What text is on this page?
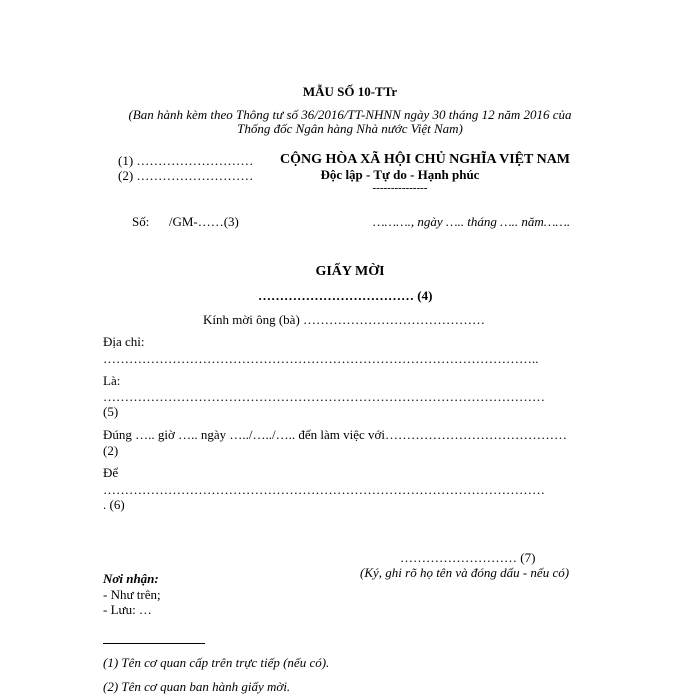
MẪU SỐ 10-TTr
(Ban hành kèm theo Thông tư số 36/2016/TT-NHNN ngày 30 tháng 12 năm 2016 của
Thống đốc Ngân hàng Nhà nước Việt Nam)
(1) ………………………
(2) ………………………
CỘNG HÒA XÃ HỘI CHỦ NGHĨA VIỆT NAM
Độc lập - Tự do - Hạnh phúc
---------------
Số:      /GM-……(3)	………., ngày ….. tháng ….. năm…….
GIẤY MỜI
……………………………… (4)
Kính mời ông (bà) ……………………………………
Địa chỉ:
………………………………………………………………………………………..
Là:
…………………………………………………………………………………………
(5)
Đúng ….. giờ ….. ngày …../…../….. đến làm việc với……………………………………
(2)
Để
…………………………………………………………………………………………
. (6)
……………………… (7)
(Ký, ghi rõ họ tên và đóng dấu - nếu có)
Nơi nhận:
- Như trên;
- Lưu: …
(1) Tên cơ quan cấp trên trực tiếp (nếu có).
(2) Tên cơ quan ban hành giấy mời.
